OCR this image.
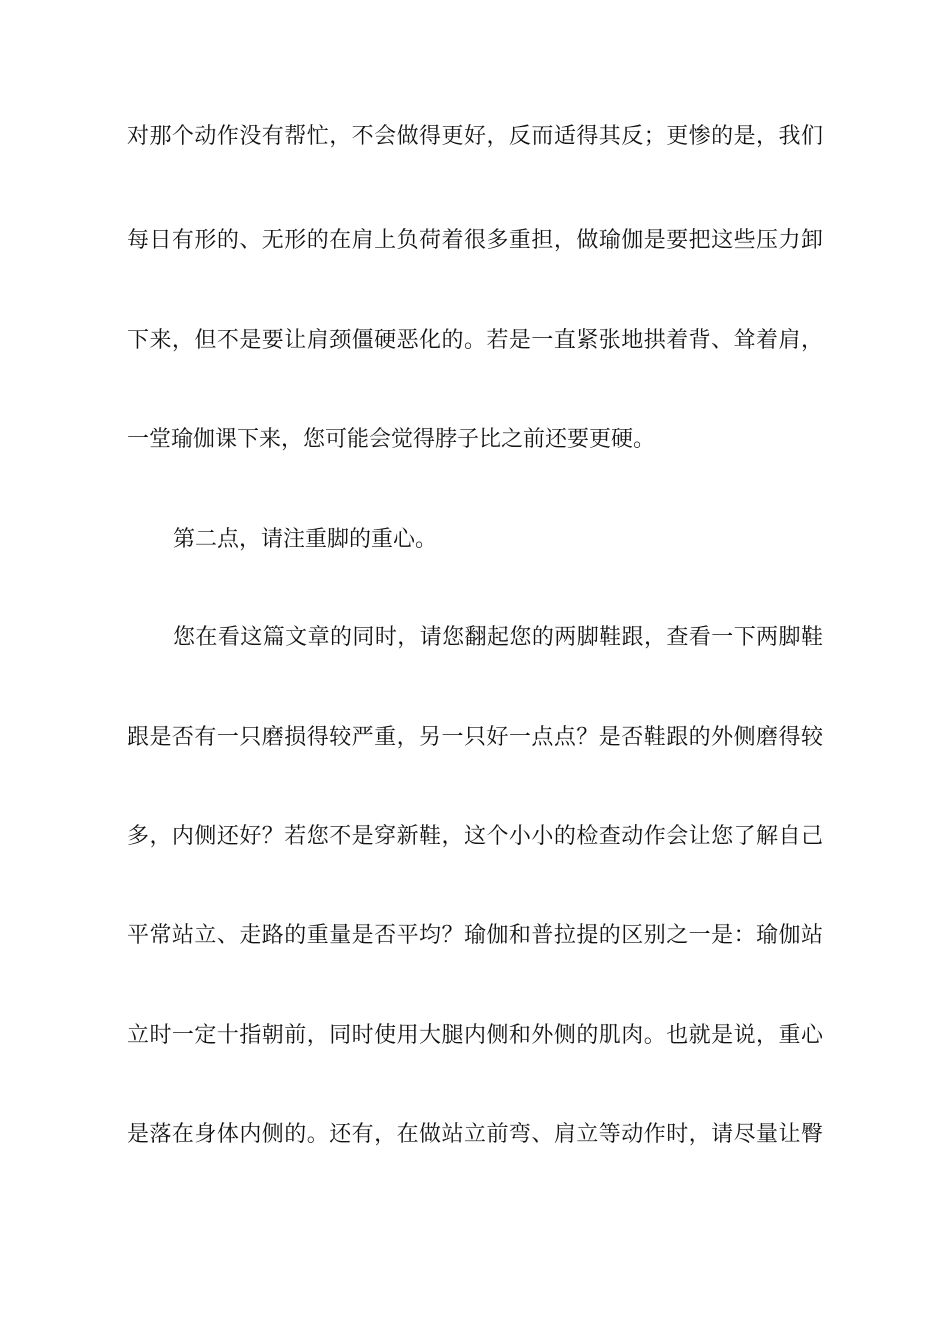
对那个动作没有帮忙，不会做得更好，反而适得其反；更惨的是，我们
每日有形的、无形的在肩上负荷着很多重担，做瑜伽是要把这些压力卸
下来，但不是要让肩颈僵硬恶化的。若是一直紧张地拱着背、耸着肩，
一堂瑜伽课下来，您可能会觉得脖子比之前还要更硬。
第二点，请注重脚的重心。
您在看这篇文章的同时，请您翻起您的两脚鞋跟，查看一下两脚鞋
跟是否有一只磨损得较严重，另一只好一点点？是否鞋跟的外侧磨得较
多，内侧还好？若您不是穿新鞋，这个小小的检查动作会让您了解自己
平常站立、走路的重量是否平均？瑜伽和普拉提的区别之一是：瑜伽站
立时一定十指朝前，同时使用大腿内侧和外侧的肌肉。也就是说，重心
是落在身体内侧的。还有，在做站立前弯、肩立等动作时，请尽量让臀
